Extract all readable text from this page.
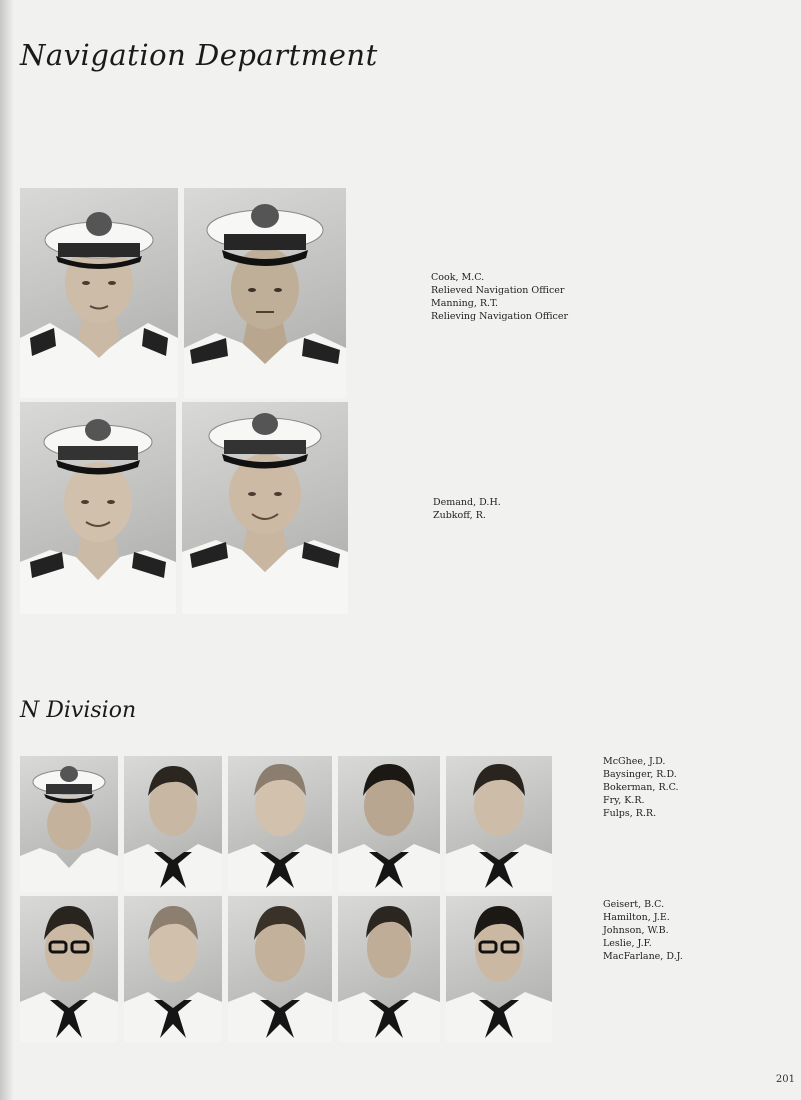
Navigation Department
Cook, M.C.
Relieved Navigation Officer
Manning, R.T.
Relieving Navigation Officer
Demand, D.H.
Zubkoff, R.
N Division
McGhee, J.D.
Baysinger, R.D.
Bokerman, R.C.
Fry, K.R.
Fulps, R.R.
Geisert, B.C.
Hamilton, J.E.
Johnson, W.B.
Leslie, J.F.
MacFarlane, D.J.
201
